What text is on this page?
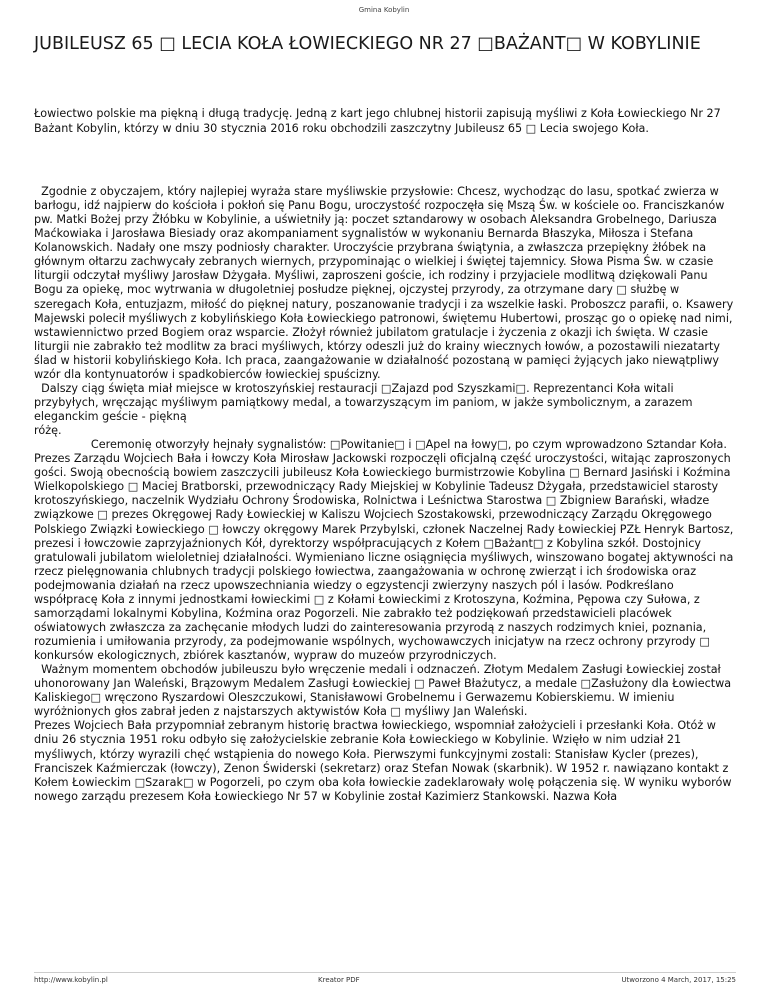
Gmina Kobylin
JUBILEUSZ 65 □ LECIA KOŁA ŁOWIECKIEGO NR 27 □BAŻANT□ W KOBYLINIE

Łowiectwo polskie ma piękną i długą tradycję. Jedną z kart jego chlubnej historii zapisują myśliwi z Koła Łowieckiego Nr 27 Bażant Kobylin, którzy w dniu 30 stycznia 2016 roku obchodzili zaszczytny Jubileusz 65 □ Lecia swojego Koła.

Zgodnie z obyczajem, który najlepiej wyraża stare myśliwskie przysłowie: Chcesz, wychodząc do lasu, spotkać zwierza w barłogu, idź najpierw do kościoła i pokłoń się Panu Bogu, uroczystość rozpoczęła się Mszą Św. w kościele oo. Franciszkanów pw. Matki Bożej przy Żłóbku w Kobylinie, a uświetniły ją: poczet sztandarowy w osobach Aleksandra Grobelnego, Dariusza Maćkowiaka i Jarosława Biesiady oraz akompaniament sygnalistów w wykonaniu Bernarda Błaszyka, Miłosza i Stefana Kolanowskich. Nadały one mszy podniosły charakter. Uroczyście przybrana świątynia, a zwłaszcza przepiękny żłóbek na głównym ołtarzu zachwycały zebranych wiernych, przypominając o wielkiej i świętej tajemnicy. Słowa Pisma Św. w czasie liturgii odczytał myśliwy Jarosław Dżygała. Myśliwi, zaproszeni goście, ich rodziny i przyjaciele modlitwą dziękowali Panu Bogu za opiekę, moc wytrwania w długoletniej posłudze pięknej, ojczystej przyrody, za otrzymane dary □ służbę w szeregach Koła, entuzjazm, miłość do pięknej natury, poszanowanie tradycji i za wszelkie łaski. Proboszcz parafii, o. Ksawery Majewski polecił myśliwych z kobylińskiego Koła Łowieckiego patronowi, świętemu Hubertowi, prosząc go o opiekę nad nimi, wstawiennictwo przed Bogiem oraz wsparcie. Złożył również jubilatom gratulacje i życzenia z okazji ich święta. W czasie liturgii nie zabrakło też modlitw za braci myśliwych, którzy odeszli już do krainy wiecznych łowów, a pozostawili niezatarty ślad w historii kobylińskiego Koła. Ich praca, zaangażowanie w działalność pozostaną w pamięci żyjących jako niewątpliwy wzór dla kontynuatorów i spadkobierców łowieckiej spuścizny.

Dalszy ciąg święta miał miejsce w krotoszyńskiej restauracji □Zajazd pod Szyszkami□. Reprezentanci Koła witali przybyłych, wręczając myśliwym pamiątkowy medal, a towarzyszącym im paniom, w jakże symbolicznym, a zarazem eleganckim geście - piękną

różę.

Ceremonię otworzyły hejnały sygnalistów: □Powitanie□ i □Apel na łowy□, po czym wprowadzono Sztandar Koła. Prezes Zarządu Wojciech Bała i łowczy Koła Mirosław Jackowski rozpoczęli oficjalną część uroczystości, witając zaproszonych gości. Swoją obecnością bowiem zaszczycili jubileusz Koła Łowieckiego burmistrzowie Kobylina □ Bernard Jasiński i Koźmina Wielkopolskiego □ Maciej Bratborski, przewodniczący Rady Miejskiej w Kobylinie Tadeusz Dżygała, przedstawiciel starosty krotoszyńskiego, naczelnik Wydziału Ochrony Środowiska, Rolnictwa i Leśnictwa Starostwa □ Zbigniew Barański, władze związkowe □ prezes Okręgowej Rady Łowieckiej w Kaliszu Wojciech Szostakowski, przewodniczący Zarządu Okręgowego Polskiego Związki Łowieckiego □ łowczy okręgowy Marek Przybylski, członek Naczelnej Rady Łowieckiej PZŁ Henryk Bartosz, prezesi i łowczowie zaprzyjaźnionych Kół, dyrektorzy współpracujących z Kołem □Bażant□ z Kobylina szkół. Dostojnicy gratulowali jubilatom wieloletniej działalności. Wymieniano liczne osiągnięcia myśliwych, winszowano bogatej aktywności na rzecz pielęgnowania chlubnych tradycji polskiego łowiectwa, zaangażowania w ochronę zwierząt i ich środowiska oraz podejmowania działań na rzecz upowszechniania wiedzy o egzystencji zwierzyny naszych pól i lasów. Podkreślano współpracę Koła z innymi jednostkami łowieckimi □ z Kołami Łowieckimi z Krotoszyna, Koźmina, Pępowa czy Sułowa, z samorządami lokalnymi Kobylina, Koźmina oraz Pogorzeli. Nie zabrakło też podziękowań przedstawicieli placówek oświatowych zwłaszcza za zachęcanie młodych ludzi do zainteresowania przyrodą z naszych rodzimych kniei, poznania, rozumienia i umiłowania przyrody, za podejmowanie wspólnych, wychowawczych inicjatyw na rzecz ochrony przyrody □ konkursów ekologicznych, zbiórek kasztanów, wypraw do muzeów przyrodniczych.

Ważnym momentem obchodów jubileuszu było wręczenie medali i odznaczeń. Złotym Medalem Zasługi Łowieckiej został uhonorowany Jan Waleński, Brązowym Medalem Zasługi Łowieckiej □ Paweł Błażutycz, a medale □Zasłużony dla Łowiectwa Kaliskiego□ wręczono Ryszardowi Oleszczukowi, Stanisławowi Grobelnemu i Gerwazemu Kobierskiemu. W imieniu wyróżnionych głos zabrał jeden z najstarszych aktywistów Koła □ myśliwy Jan Waleński.

Prezes Wojciech Bała przypomniał zebranym historię bractwa łowieckiego, wspomniał założycieli i przesłanki Koła. Otóż w dniu 26 stycznia 1951 roku odbyło się założycielskie zebranie Koła Łowieckiego w Kobylinie. Wzięło w nim udział 21 myśliwych, którzy wyrazili chęć wstąpienia do nowego Koła. Pierwszymi funkcyjnymi zostali: Stanisław Kycler (prezes), Franciszek Kaźmierczak (łowczy), Zenon Świderski (sekretarz) oraz Stefan Nowak (skarbnik). W 1952 r. nawiązano kontakt z Kołem Łowieckim □Szarak□ w Pogorzeli, po czym oba koła łowieckie zadeklarowały wolę połączenia się. W wyniku wyborów nowego zarządu prezesem Koła Łowieckiego Nr 57 w Kobylinie został Kazimierz Stankowski. Nazwa Koła

http://www.kobylin.pl	Kreator PDF	Utworzono 4 March, 2017, 15:25
